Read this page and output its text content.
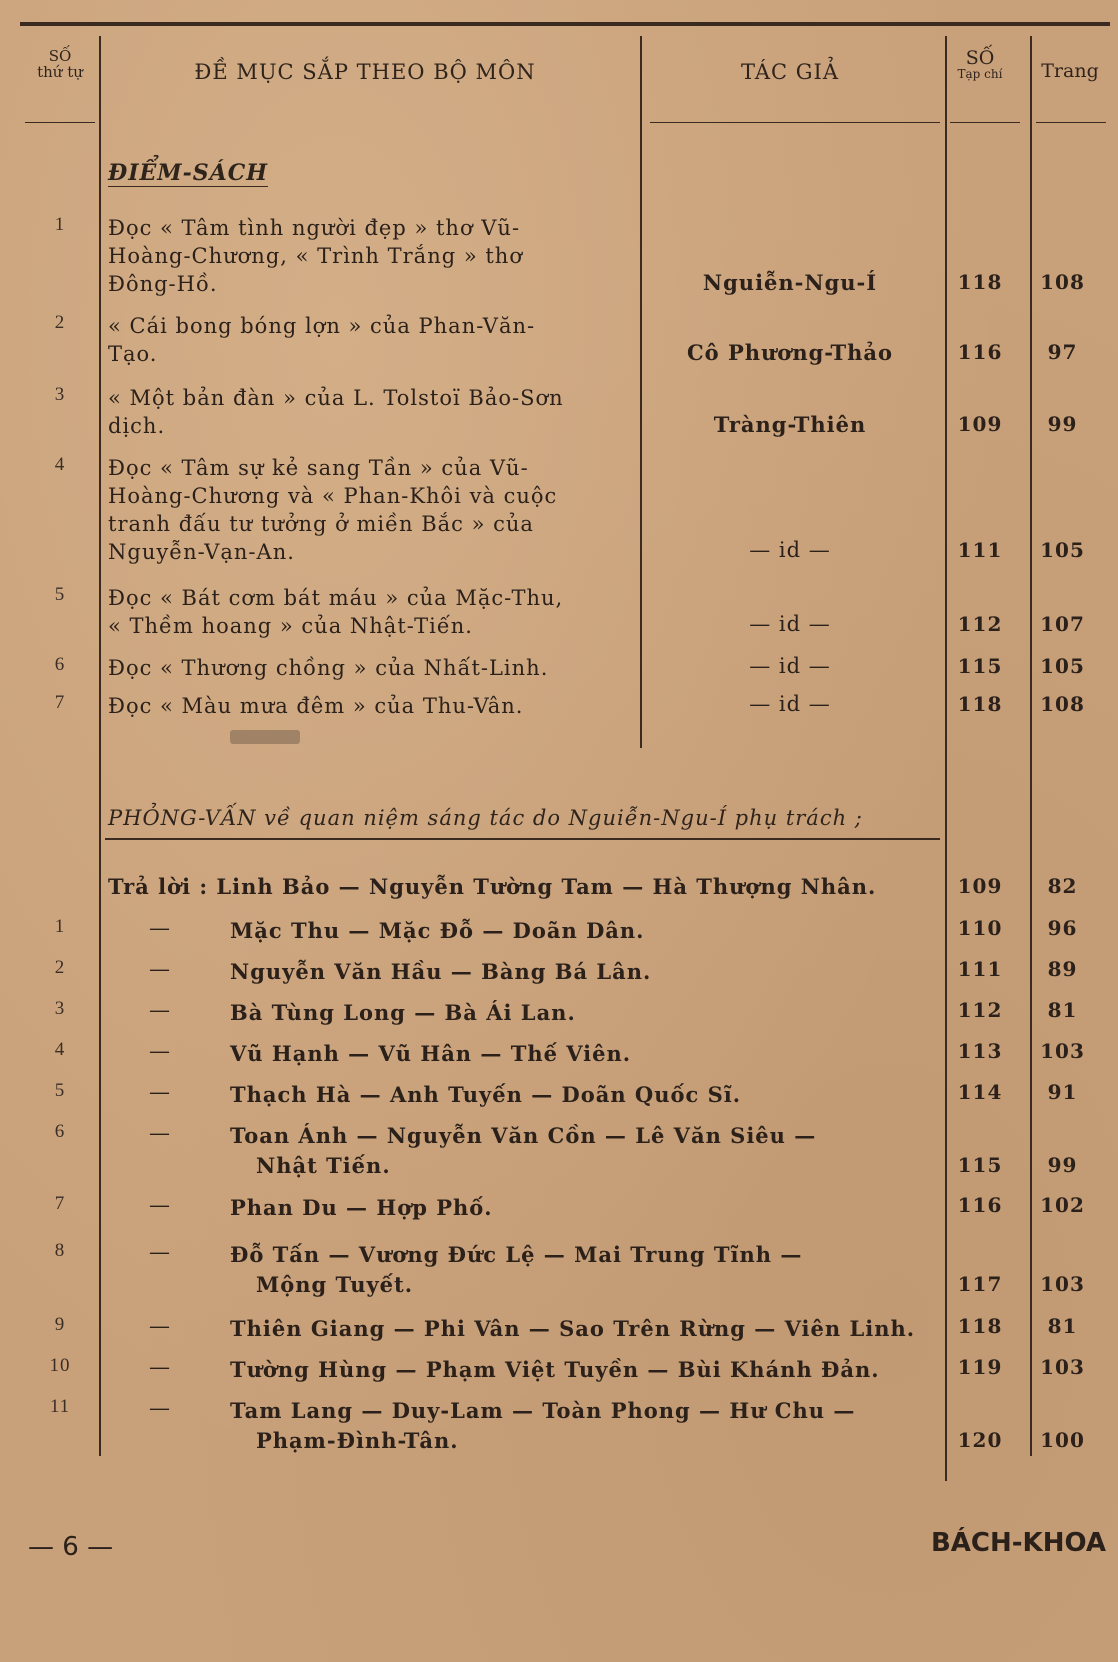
SỐ
thứ tự	ĐỀ MỤC SẮP THEO BỘ MÔN	TÁC GIẢ
SỐ
Tạp chí	Trang
ĐIỂM-SÁCH
1	Đọc « Tâm tình người đẹp » thơ Vũ-
Hoàng-Chương, « Trình Trắng » thơ
Đông-Hồ.	Nguiễn-Ngu-Í	118	108
2	« Cái bong bóng lợn » của Phan-Văn-
Tạo.	Cô Phương-Thảo	116	97
3	« Một bản đàn » của L. Tolstoï Bảo-Sơn
dịch.	Tràng-Thiên	109	99
4	Đọc « Tâm sự kẻ sang Tần » của Vũ-
Hoàng-Chương và « Phan-Khôi và cuộc
tranh đấu tư tưởng ở miền Bắc » của
Nguyễn-Vạn-An.	— id —	111	105
5	Đọc « Bát cơm bát máu » của Mặc-Thu,
« Thềm hoang » của Nhật-Tiến.	— id —	112	107
6	Đọc « Thương chồng » của Nhất-Linh.	— id —	115	105
7	Đọc « Màu mưa đêm » của Thu-Vân.	— id —	118	108
PHỎNG-VẤN về quan niệm sáng tác do Nguiễn-Ngu-Í phụ trách ;
Trả lời : Linh Bảo — Nguyễn Tường Tam — Hà Thượng Nhân.	109	82
1	—	Mặc Thu — Mặc Đỗ — Doãn Dân.	110	96
2	—	Nguyễn Văn Hầu — Bàng Bá Lân.	111	89
3	—	Bà Tùng Long — Bà Ái Lan.	112	81
4	—	Vũ Hạnh — Vũ Hân — Thế Viên.	113	103
5	—	Thạch Hà — Anh Tuyến — Doãn Quốc Sĩ.	114	91
6	—	Toan Ánh — Nguyễn Văn Cồn — Lê Văn Siêu —
Nhật Tiến.	115	99
7	—	Phan Du — Hợp Phố.	116	102
8	—	Đỗ Tấn — Vương Đức Lệ — Mai Trung Tĩnh —
Mộng Tuyết.	117	103
9	—	Thiên Giang — Phi Vân — Sao Trên Rừng — Viên Linh.	118	81
10	—	Tường Hùng — Phạm Việt Tuyền — Bùi Khánh Đản.	119	103
11	—	Tam Lang — Duy-Lam — Toàn Phong — Hư Chu —
Phạm-Đình-Tân.	120	100
— 6 —	BÁCH-KHOA
